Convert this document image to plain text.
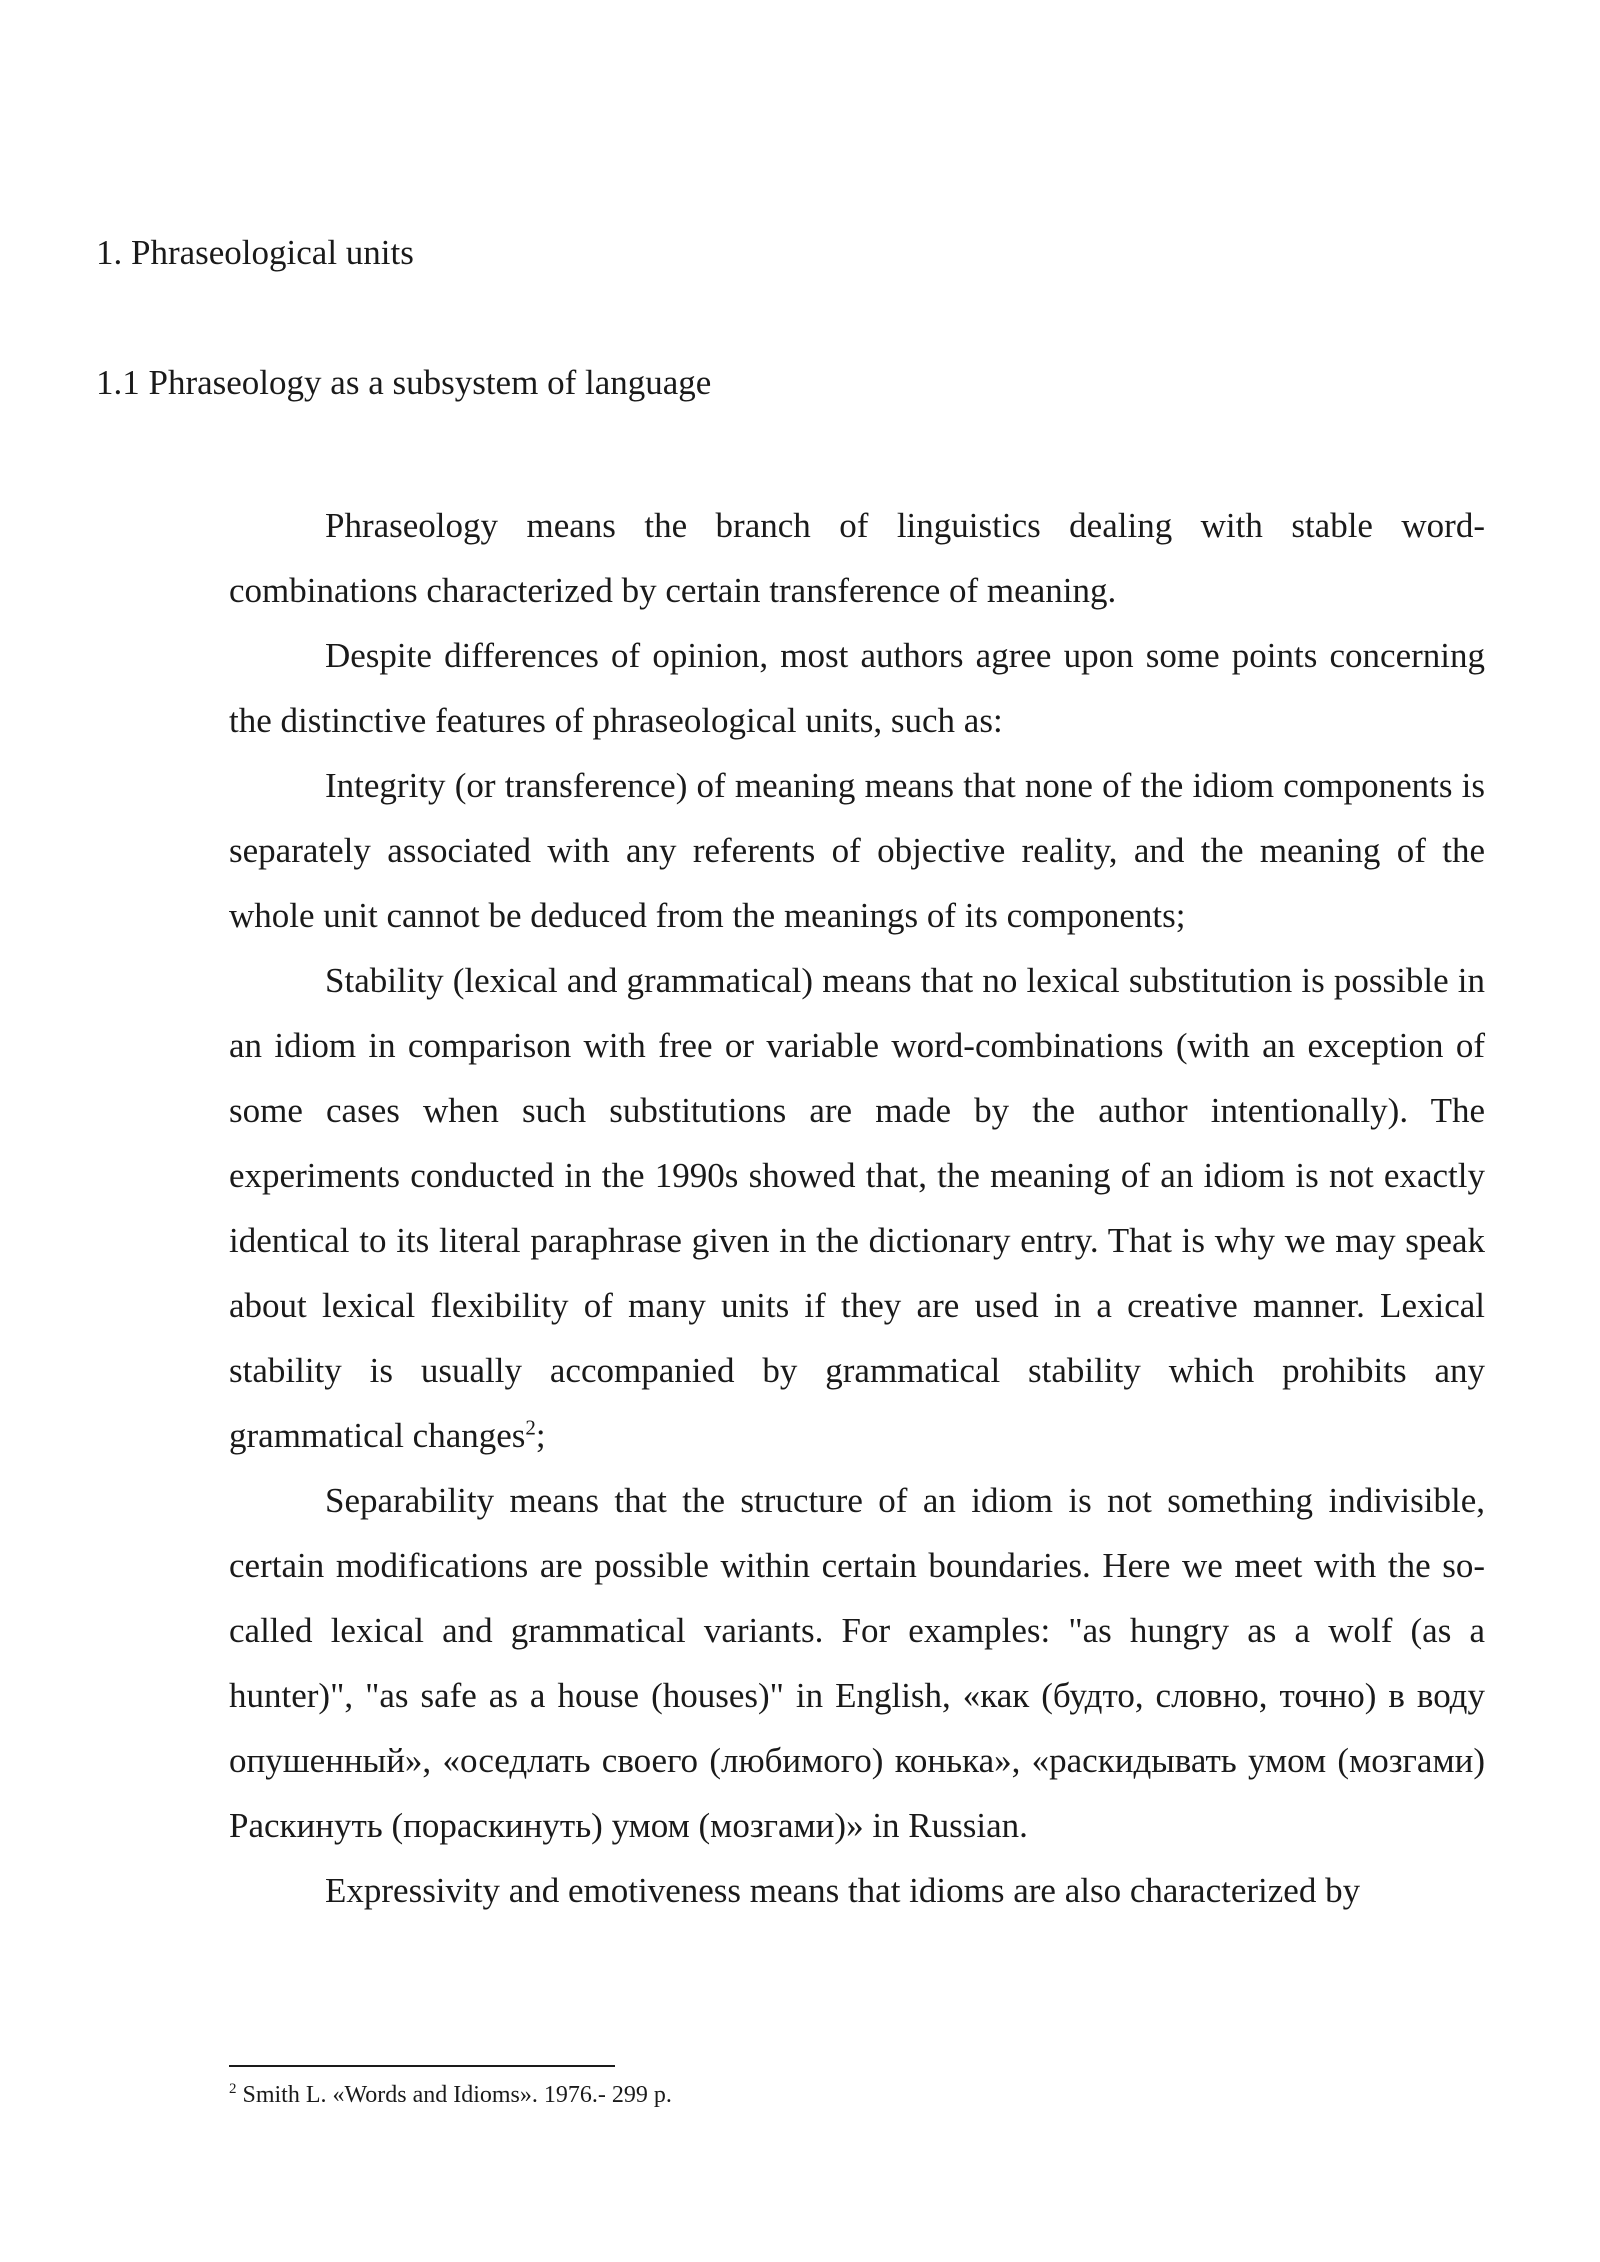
1. Phraseological units
1.1 Phraseology as a subsystem of language

Phraseology means the branch of linguistics dealing with stable word-combinations characterized by certain transference of meaning.

Despite differences of opinion, most authors agree upon some points concerning the distinctive features of phraseological units, such as:

Integrity (or transference) of meaning means that none of the idiom components is separately associated with any referents of objective reality, and the meaning of the whole unit cannot be deduced from the meanings of its components;

Stability (lexical and grammatical) means that no lexical substitution is possible in an idiom in comparison with free or variable word-combinations (with an exception of some cases when such substitutions are made by the author intentionally). The experiments conducted in the 1990s showed that, the meaning of an idiom is not exactly identical to its literal paraphrase given in the dictionary entry. That is why we may speak about lexical flexibility of many units if they are used in a creative manner. Lexical stability is usually accompanied by grammatical stability which prohibits any grammatical changes$^2$;

Separability means that the structure of an idiom is not something indivisible, certain modifications are possible within certain boundaries. Here we meet with the so-called lexical and grammatical variants. For examples: "as hungry as a wolf (as a hunter)", "as safe as a house (houses)" in English, «как (будто, словно, точно) в воду опушенный», «оседлать своего (любимого) конька», «раскидывать умом (мозгами) Раскинуть (пораскинуть) умом (мозгами)» in Russian.

Expressivity and emotiveness means that idioms are also characterized by

$^2$ Smith L. «Words and Idioms». 1976.- 299 p.
